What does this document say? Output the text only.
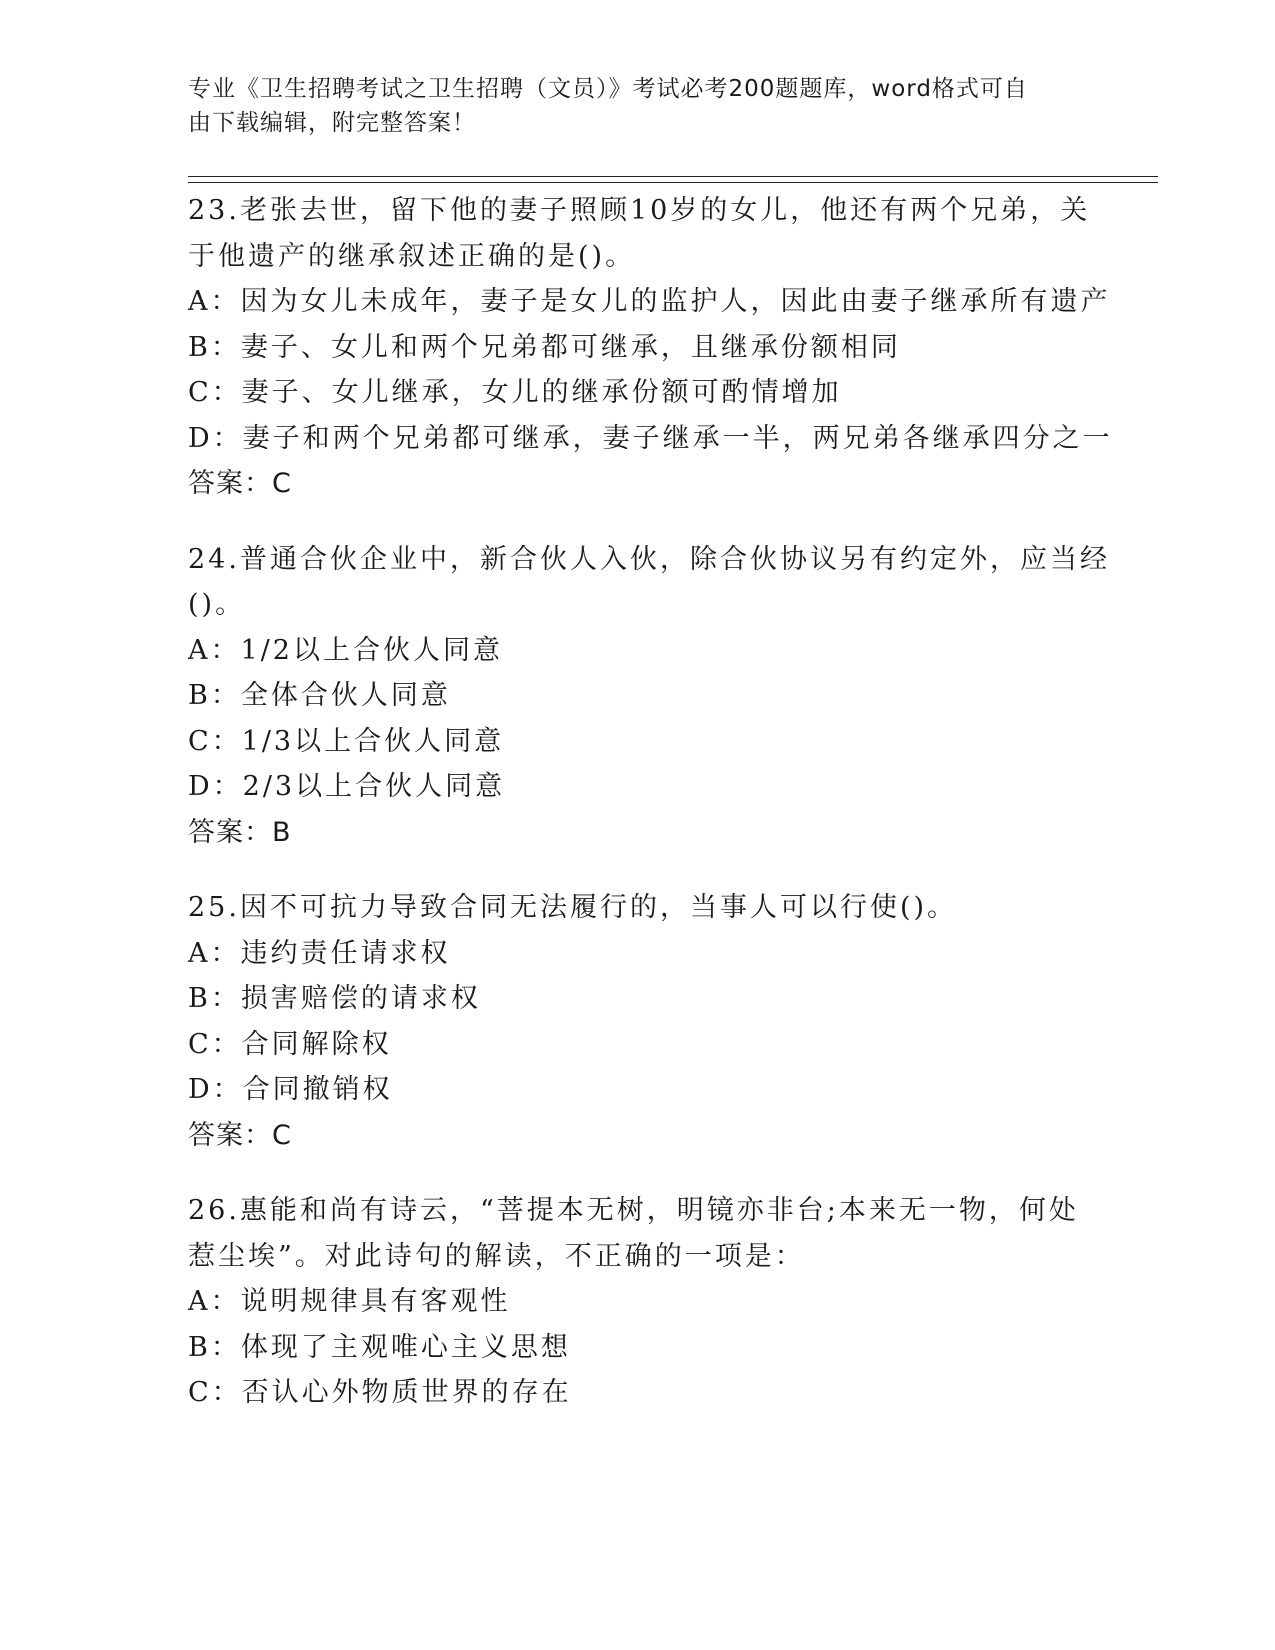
专业《卫生招聘考试之卫生招聘（文员）》考试必考200题题库，word格式可自
由下载编辑，附完整答案！
23.老张去世，留下他的妻子照顾10岁的女儿，他还有两个兄弟，关
于他遗产的继承叙述正确的是()。
A：因为女儿未成年，妻子是女儿的监护人，因此由妻子继承所有遗产
B：妻子、女儿和两个兄弟都可继承，且继承份额相同
C：妻子、女儿继承，女儿的继承份额可酌情增加
D：妻子和两个兄弟都可继承，妻子继承一半，两兄弟各继承四分之一
答案：C
24.普通合伙企业中，新合伙人入伙，除合伙协议另有约定外，应当经
()。
A：1/2以上合伙人同意
B：全体合伙人同意
C：1/3以上合伙人同意
D：2/3以上合伙人同意
答案：B
25.因不可抗力导致合同无法履行的，当事人可以行使()。
A：违约责任请求权
B：损害赔偿的请求权
C：合同解除权
D：合同撤销权
答案：C
26.惠能和尚有诗云，“菩提本无树，明镜亦非台;本来无一物，何处
惹尘埃”。对此诗句的解读，不正确的一项是：
A：说明规律具有客观性
B：体现了主观唯心主义思想
C：否认心外物质世界的存在
